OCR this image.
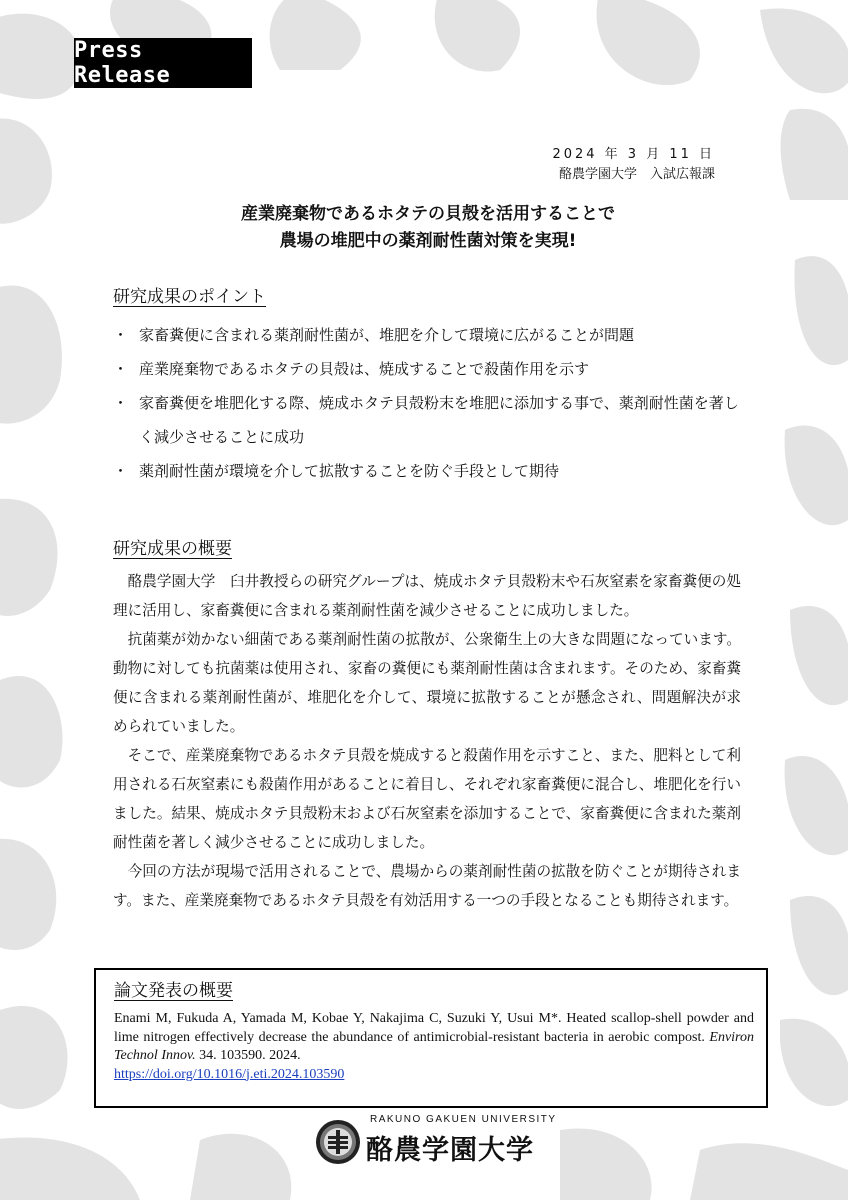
Press Release
2024 年 3 月 11 日
酪農学園大学　入試広報課
産業廃棄物であるホタテの貝殻を活用することで
農場の堆肥中の薬剤耐性菌対策を実現!
研究成果のポイント
・ 家畜糞便に含まれる薬剤耐性菌が、堆肥を介して環境に広がることが問題
・ 産業廃棄物であるホタテの貝殻は、焼成することで殺菌作用を示す
・ 家畜糞便を堆肥化する際、焼成ホタテ貝殻粉末を堆肥に添加する事で、薬剤耐性菌を著しく減少させることに成功
・ 薬剤耐性菌が環境を介して拡散することを防ぐ手段として期待
研究成果の概要

酪農学園大学　臼井教授らの研究グループは、焼成ホタテ貝殻粉末や石灰窒素を家畜糞便の処理に活用し、家畜糞便に含まれる薬剤耐性菌を減少させることに成功しました。

抗菌薬が効かない細菌である薬剤耐性菌の拡散が、公衆衛生上の大きな問題になっています。動物に対しても抗菌薬は使用され、家畜の糞便にも薬剤耐性菌は含まれます。そのため、家畜糞便に含まれる薬剤耐性菌が、堆肥化を介して、環境に拡散することが懸念され、問題解決が求められていました。

そこで、産業廃棄物であるホタテ貝殻を焼成すると殺菌作用を示すこと、また、肥料として利用される石灰窒素にも殺菌作用があることに着目し、それぞれ家畜糞便に混合し、堆肥化を行いました。結果、焼成ホタテ貝殻粉末および石灰窒素を添加することで、家畜糞便に含まれた薬剤耐性菌を著しく減少させることに成功しました。

今回の方法が現場で活用されることで、農場からの薬剤耐性菌の拡散を防ぐことが期待されます。また、産業廃棄物であるホタテ貝殻を有効活用する一つの手段となることも期待されます。

論文発表の概要
Enami M, Fukuda A, Yamada M, Kobae Y, Nakajima C, Suzuki Y, Usui M*. Heated scallop-shell powder and lime nitrogen effectively decrease the abundance of antimicrobial-resistant bacteria in aerobic compost. Environ Technol Innov. 34. 103590. 2024.
https://doi.org/10.1016/j.eti.2024.103590
RAKUNO GAKUEN UNIVERSITY
酪農学園大学
